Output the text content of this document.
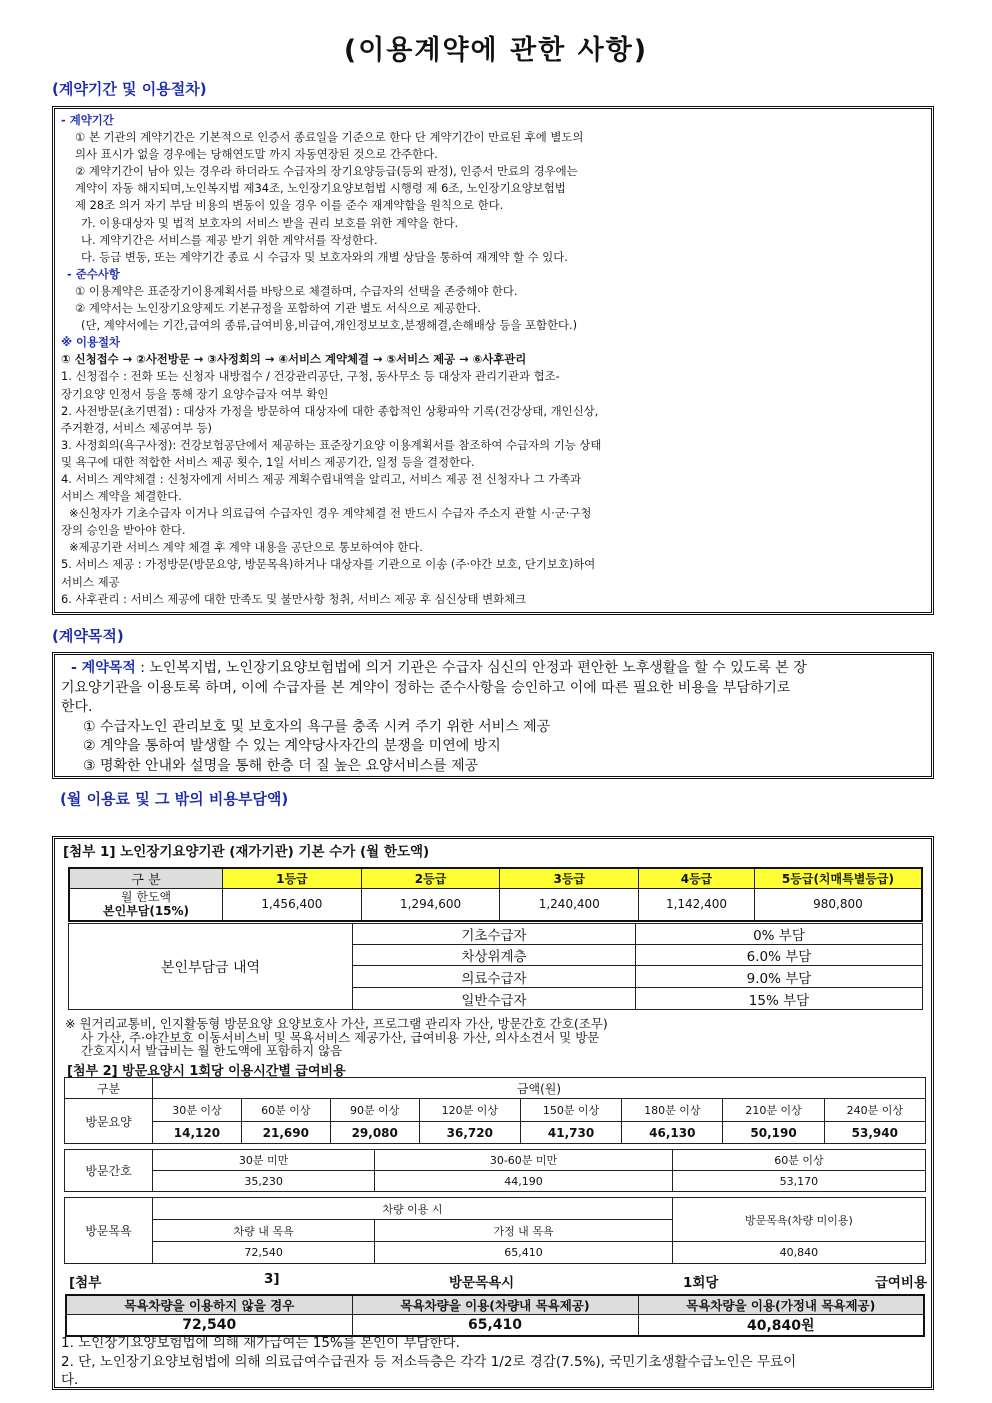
(이용계약에 관한 사항)
(계약기간 및 이용절차)
- 계약기간
① 본 기관의 계약기간은 기본적으로 인증서 종료일을 기준으로 한다 단 계약기간이 만료된 후에 별도의
의사 표시가 없을 경우에는 당해연도말 까지 자동연장된 것으로 간주한다.
② 계약기간이 남아 있는 경우라 하더라도 수급자의 장기요양등급(등외 판정), 인증서 만료의 경우에는
계약이 자동 해지되며,노인복지법 제34조, 노인장기요양보험법 시행령 제 6조, 노인장기요양보험법
제 28조 의거 자기 부담 비용의 변동이 있을 경우 이를 준수 재계약함을 원칙으로 한다.
가. 이용대상자 및 법적 보호자의 서비스 받을 권리 보호를 위한 계약을 한다.
나. 계약기간은 서비스를 제공 받기 위한 계약서를 작성한다.
다. 등급 변동, 또는 계약기간 종료 시 수급자 및 보호자와의 개별 상담을 통하여 재계약 할 수 있다.
- 준수사항
① 이용계약은 표준장기이용계획서를 바탕으로 체결하며, 수급자의 선택을 존중해야 한다.
② 계약서는 노인장기요양제도 기본규정을 포함하여 기관 별도 서식으로 제공한다.
(단, 계약서에는 기간,급여의 종류,급여비용,비급여,개인정보보호,분쟁해결,손해배상 등을 포함한다.)
※ 이용절차
① 신청접수 → ②사전방문 → ③사정회의 → ④서비스 계약체결 → ⑤서비스 제공 → ⑥사후관리
1. 신청접수 : 전화 또는 신청자 내방접수 / 건강관리공단, 구청, 동사무소 등 대상자 관리기관과 협조-
장기요양 인정서 등을 통해 장기 요양수급자 여부 확인
2. 사전방문(초기면접) : 대상자 가정을 방문하여 대상자에 대한 종합적인 상황파악 기록(건강상태, 개인신상,
주거환경, 서비스 제공여부 등)
3. 사정회의(욕구사정): 건강보험공단에서 제공하는 표준장기요양 이용계획서를 참조하여 수급자의 기능 상태
및 욕구에 대한 적합한 서비스 제공 횟수, 1일 서비스 제공기간, 일정 등을 결정한다.
4. 서비스 계약체결 : 신청자에게 서비스 제공 계획수립내역을 알리고, 서비스 제공 전 신청자나 그 가족과
서비스 계약을 체결한다.
※신청자가 기초수급자 이거나 의료급여 수급자인 경우 계약체결 전 반드시 수급자 주소지 관할 시·군·구청
장의 승인을 받아야 한다.
※제공기관 서비스 계약 체결 후 계약 내용을 공단으로 통보하여야 한다.
5. 서비스 제공 : 가정방문(방문요양, 방문목욕)하거나 대상자를 기관으로 이송 (주·야간 보호, 단기보호)하여
서비스 제공
6. 사후관리 : 서비스 제공에 대한 만족도 및 불만사항 청취, 서비스 제공 후 심신상태 변화체크
(계약목적)
- 계약목적 : 노인복지법, 노인장기요양보험법에 의거 기관은 수급자 심신의 안정과 편안한 노후생활을 할 수 있도록 본 장
기요양기관을 이용토록 하며, 이에 수급자를 본 계약이 정하는 준수사항을 승인하고 이에 따른 필요한 비용을 부담하기로
한다.
① 수급자노인 관리보호 및 보호자의 욕구를 충족 시켜 주기 위한 서비스 제공
② 계약을 통하여 발생할 수 있는 계약당사자간의 분쟁을 미연에 방지
③ 명확한 안내와 설명을 통해 한층 더 질 높은 요양서비스를 제공
(월 이용료 및 그 밖의 비용부담액)
[첨부 1] 노인장기요양기관 (재가기관) 기본 수가 (월 한도액)
구 분	1등급	2등급	3등급	4등급	5등급(치매특별등급)

월 한도액
본인부담(15%)	1,456,400	1,294,600	1,240,400	1,142,400	980,800
본인부담금 내역	기초수급자	0% 부담
	차상위계층	6.0% 부담
	의료수급자	9.0% 부담
	일반수급자	15% 부담
※ 원거리교통비, 인지활동형 방문요양 요양보호사 가산, 프로그램 관리자 가산, 방문간호 간호(조무)
사 가산, 주·야간보호 이동서비스비 및 목욕서비스 제공가산, 급여비용 가산, 의사소견서 및 방문
간호지시서 발급비는 월 한도액에 포함하지 않음
[첨부 2] 방문요양시 1회당 이용시간별 급여비용
구분	금액(원)									
방문요양	30분 이상	60분 이상	90분 이상		120분 이상	150분 이상	180분 이상		210분 이상	240분 이상
	14,120	21,690	29,080		36,720	41,730	46,130		50,190	53,940

방문간호	30분 미만			30-60분 미만				60분 이상		
	35,230			44,190				53,170		

방문목욕	차량 이용 시							방문목욕(차량 미이용)		
	차량 내 목욕			가정 내 목욕						
	72,540			65,410				40,840		
[첨부	3]	방문목욕시	1회당	급여비용
목욕차량을 이용하지 않을 경우	목욕차량을 이용(차량내 목욕제공)	목욕차량을 이용(가정내 목욕제공)
72,540	65,410	40,840원
1. 노인장기요양보험법에 의해 재가급여는 15%를 본인이 부담한다.
2. 단, 노인장기요양보험법에 의해 의료급여수급권자 등 저소득층은 각각 1/2로 경감(7.5%), 국민기초생활수급노인은 무료이
다.
